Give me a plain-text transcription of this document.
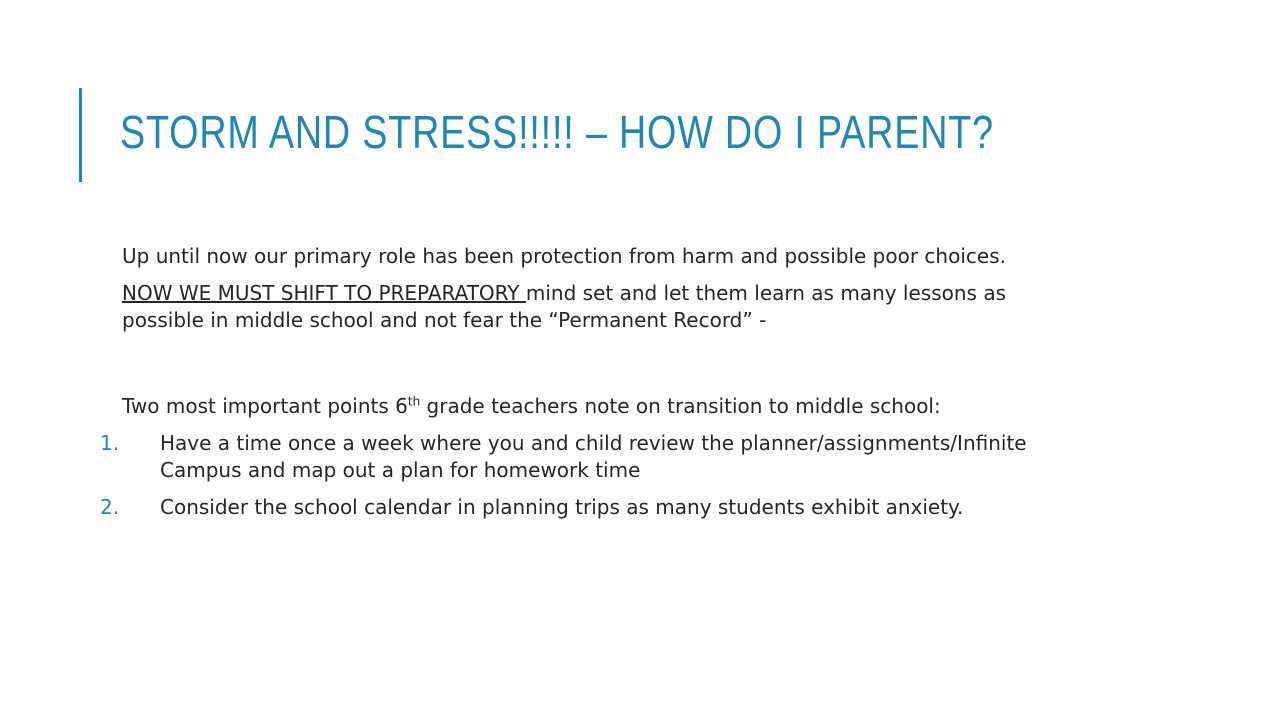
STORM AND STRESS!!!!! – HOW DO I PARENT?

Up until now our primary role has been protection from harm and possible poor choices.

NOW WE MUST SHIFT TO PREPARATORY mind set and let them learn as many lessons as possible in middle school and not fear the “Permanent Record” -

Two most important points 6th grade teachers note on transition to middle school:

1. Have a time once a week where you and child review the planner/assignments/Infinite Campus and map out a plan for homework time
2. Consider the school calendar in planning trips as many students exhibit anxiety.
